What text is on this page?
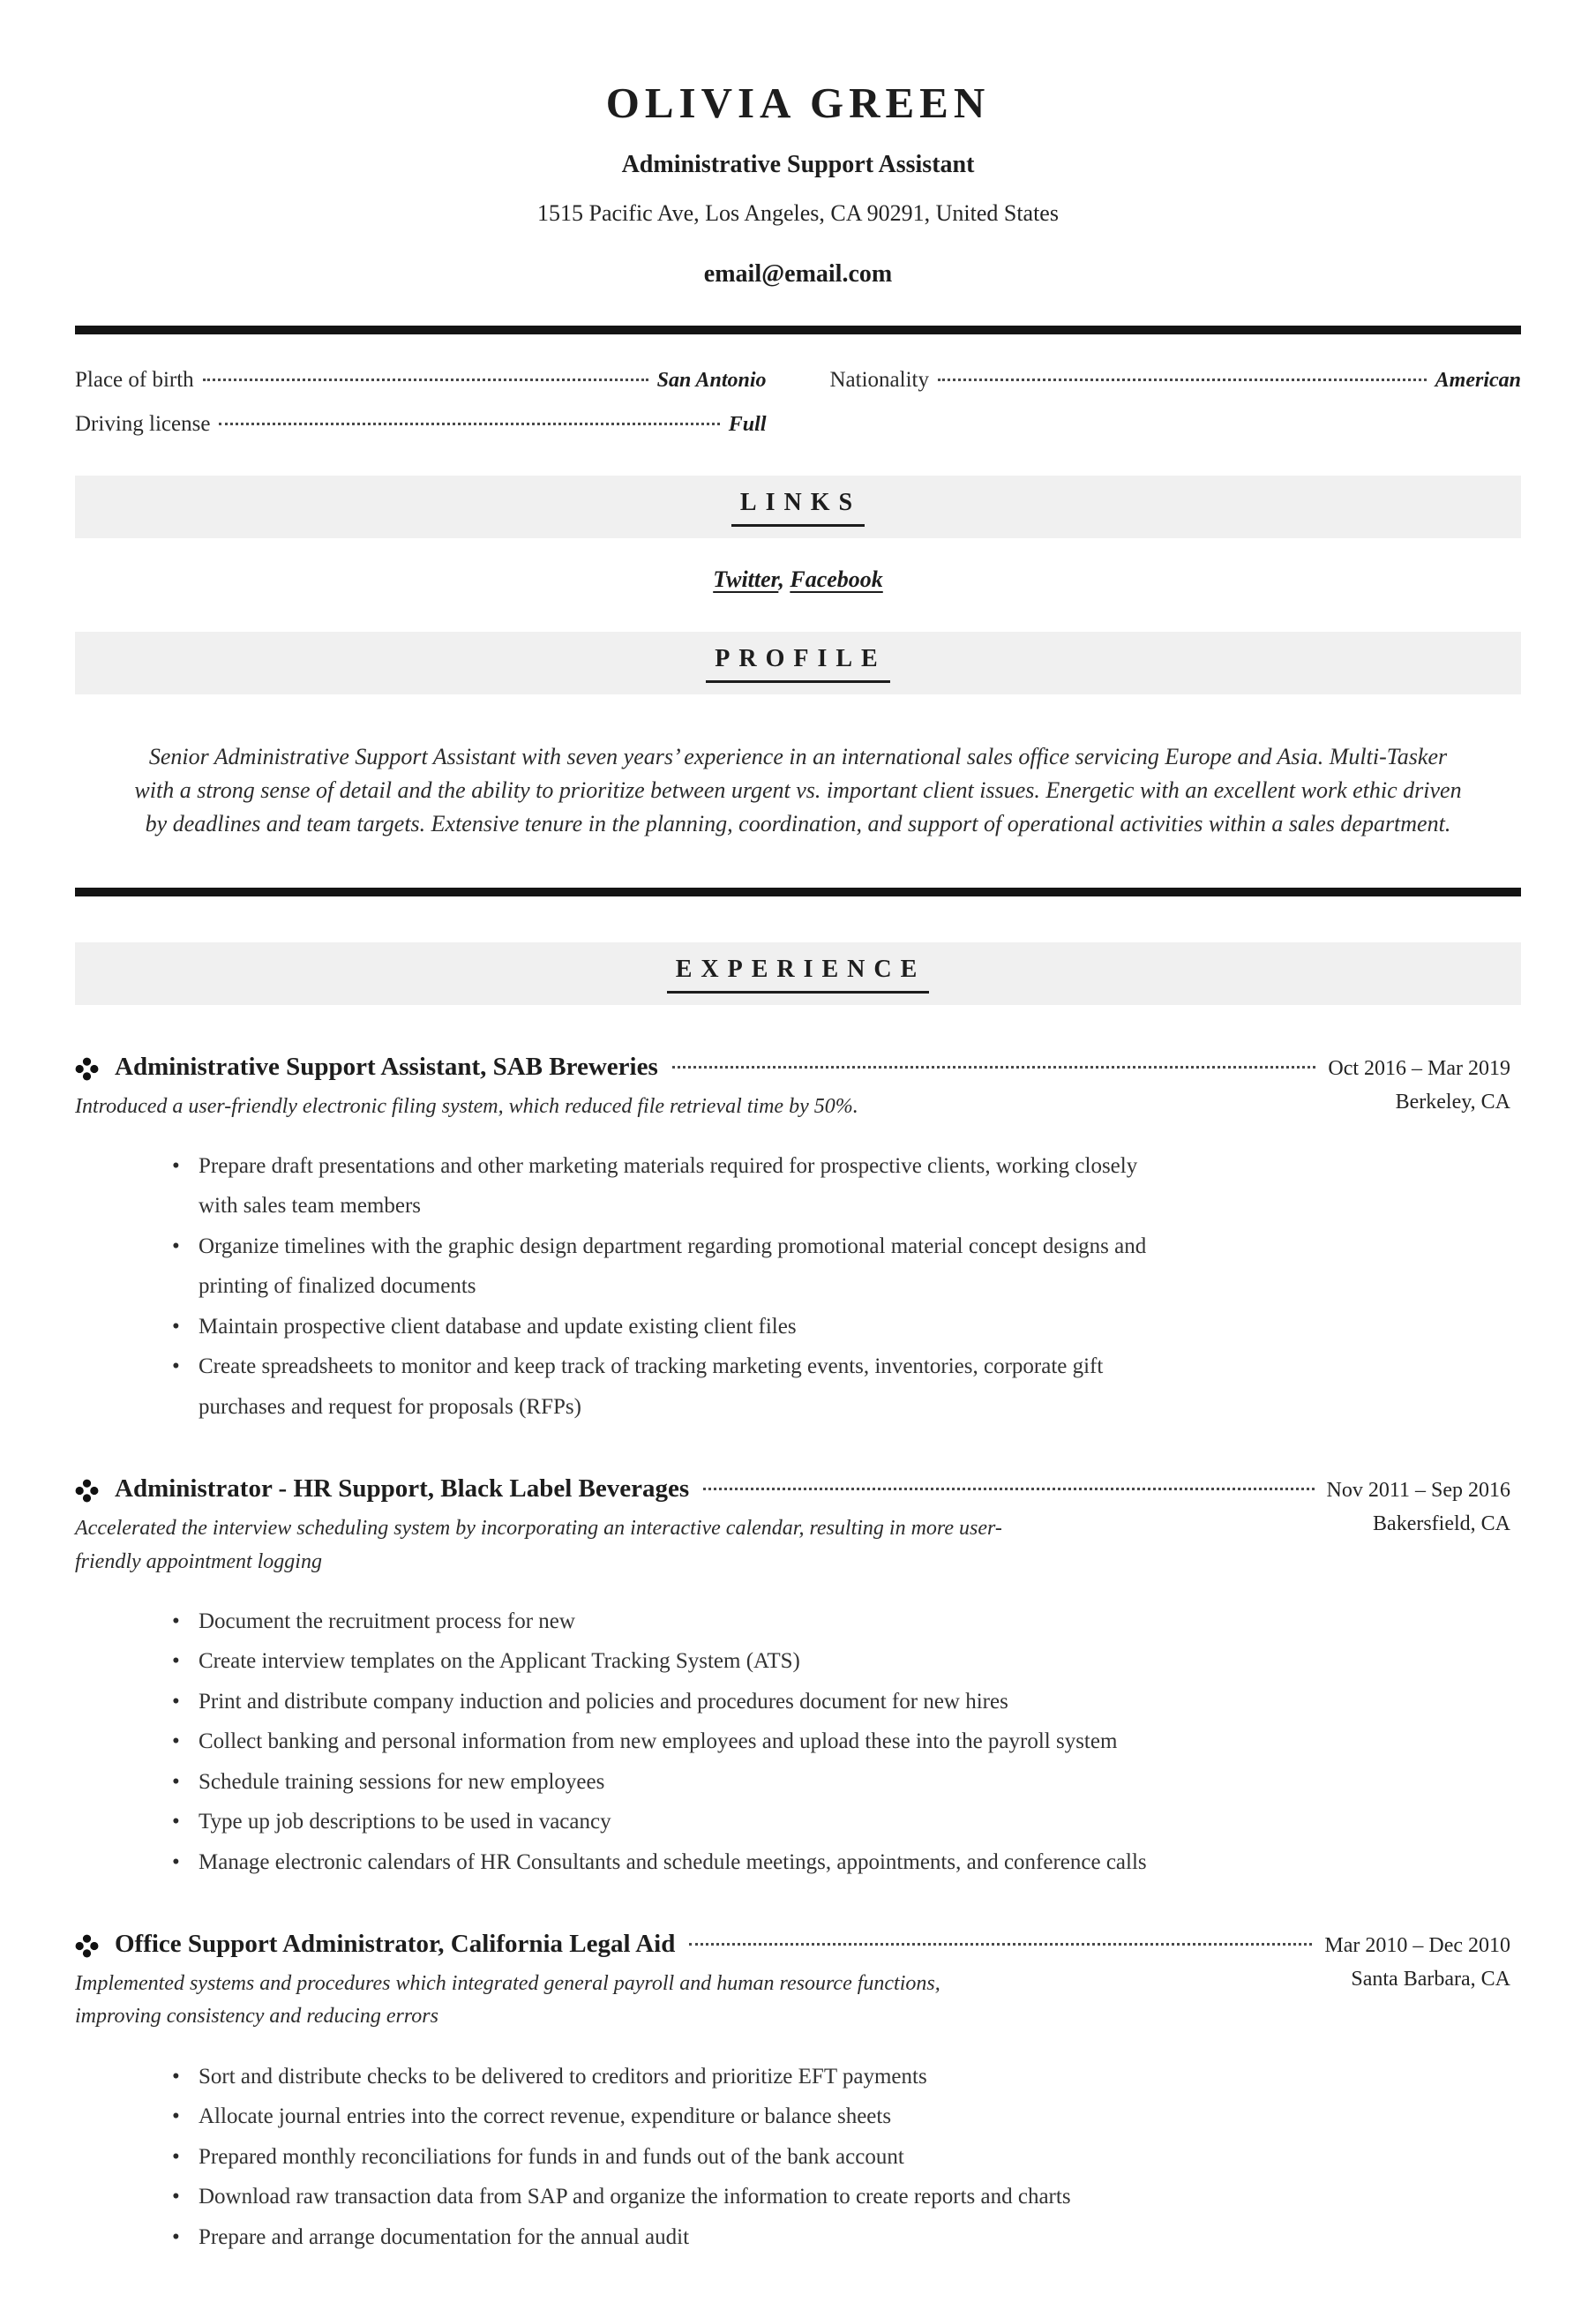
OLIVIA GREEN
Administrative Support Assistant
1515 Pacific Ave, Los Angeles, CA 90291, United States
email@email.com
Place of birth	San Antonio	Nationality	American
Driving license	Full
LINKS
Twitter, Facebook
PROFILE

Senior Administrative Support Assistant with seven years’ experience in an international sales office servicing Europe and Asia. Multi-Tasker with a strong sense of detail and the ability to prioritize between urgent vs. important client issues. Energetic with an excellent work ethic driven by deadlines and team targets. Extensive tenure in the planning, coordination, and support of operational activities within a sales department.

EXPERIENCE
Administrative Support Assistant, SAB Breweries	Oct 2016 – Mar 2019

Introduced a user-friendly electronic filing system, which reduced file retrieval time by 50%.	Berkeley, CA
• Prepare draft presentations and other marketing materials required for prospective clients, working closely with sales team members
• Organize timelines with the graphic design department regarding promotional material concept designs and printing of finalized documents
• Maintain prospective client database and update existing client files
• Create spreadsheets to monitor and keep track of tracking marketing events, inventories, corporate gift purchases and request for proposals (RFPs)
Administrator - HR Support, Black Label Beverages	Nov 2011 – Sep 2016

Accelerated the interview scheduling system by incorporating an interactive calendar, resulting in more user-friendly appointment logging

Bakersfield, CA
• Document the recruitment process for new
• Create interview templates on the Applicant Tracking System (ATS)
• Print and distribute company induction and policies and procedures document for new hires
• Collect banking and personal information from new employees and upload these into the payroll system
• Schedule training sessions for new employees
• Type up job descriptions to be used in vacancy
• Manage electronic calendars of HR Consultants and schedule meetings, appointments, and conference calls
Office Support Administrator, California Legal Aid	Mar 2010 – Dec 2010

Implemented systems and procedures which integrated general payroll and human resource functions, improving consistency and reducing errors

Santa Barbara, CA
• Sort and distribute checks to be delivered to creditors and prioritize EFT payments
• Allocate journal entries into the correct revenue, expenditure or balance sheets
• Prepared monthly reconciliations for funds in and funds out of the bank account
• Download raw transaction data from SAP and organize the information to create reports and charts
• Prepare and arrange documentation for the annual audit
